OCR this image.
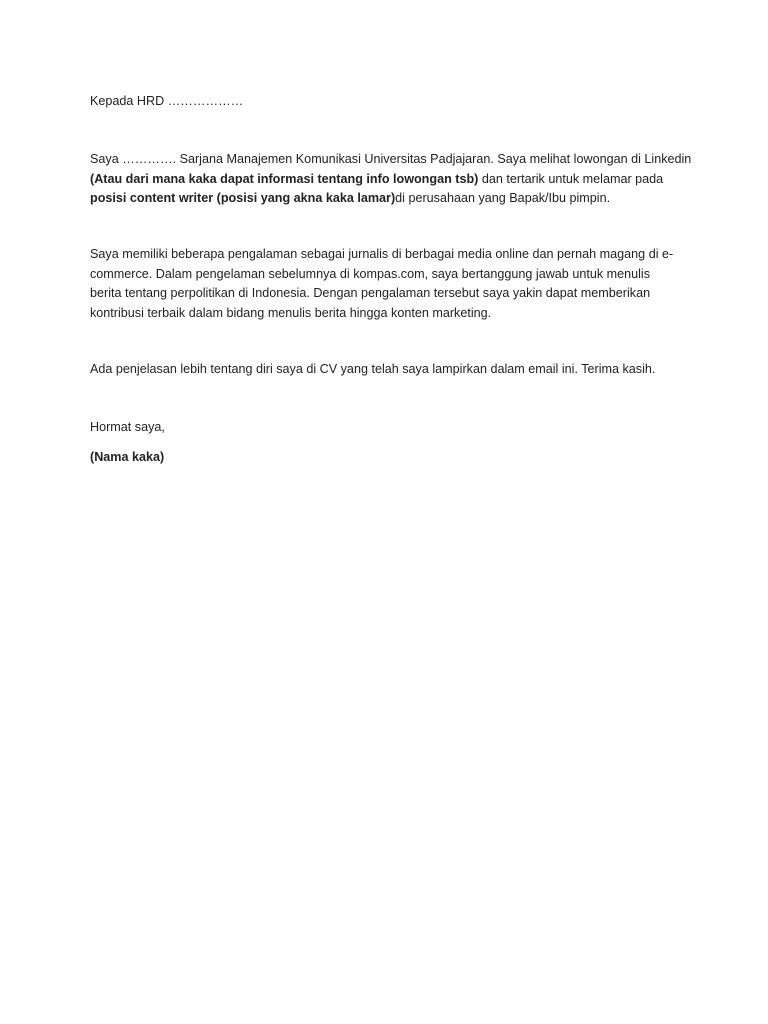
Kepada HRD ………………

Saya …………. Sarjana Manajemen Komunikasi Universitas Padjajaran. Saya melihat lowongan di Linkedin
(Atau dari mana kaka dapat informasi tentang info lowongan tsb) dan tertarik untuk melamar pada
posisi content writer (posisi yang akna kaka lamar)di perusahaan yang Bapak/Ibu pimpin.

Saya memiliki beberapa pengalaman sebagai jurnalis di berbagai media online dan pernah magang di e-
commerce. Dalam pengelaman sebelumnya di kompas.com, saya bertanggung jawab untuk menulis
berita tentang perpolitikan di Indonesia. Dengan pengalaman tersebut saya yakin dapat memberikan
kontribusi terbaik dalam bidang menulis berita hingga konten marketing.

Ada penjelasan lebih tentang diri saya di CV yang telah saya lampirkan dalam email ini. Terima kasih.

Hormat saya,

(Nama kaka)
